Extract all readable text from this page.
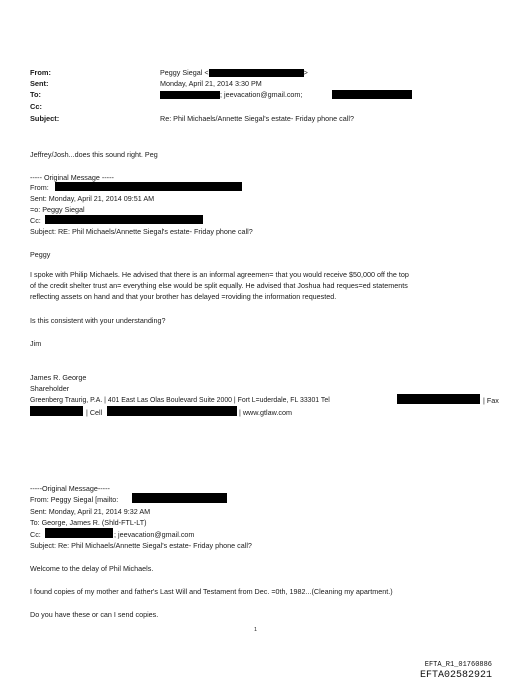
From:	Peggy Siegal <	>
Sent:	Monday, April 21, 2014 3:30 PM
To:	; jeevacation@gmail.com;
Cc:
Subject:	Re: Phil Michaels/Annette Siegal's estate- Friday phone call?
Jeffrey/Josh...does this sound right. Peg
----- Original Message -----
From:
Sent: Monday, April 21, 2014 09:51 AM
=o: Peggy Siegal
Cc:
Subject: RE: Phil Michaels/Annette Siegal's estate- Friday phone call?
Peggy
I spoke with Philip Michaels. He advised that there is an informal agreemen= that you would receive $50,000 off the top
of the credit shelter trust an= everything else would be split equally. He advised that Joshua had reques=ed statements
reflecting assets on hand and that your brother has delayed =roviding the information requested.
Is this consistent with your understanding?
Jim
James R. George
Shareholder
Greenberg Traurig, P.A. | 401 East Las Olas Boulevard Suite 2000 | Fort L=uderdale, FL 33301 Tel	| Fax
| Cell	| www.gtlaw.com
-----Original Message-----
From: Peggy Siegal [mailto:
Sent: Monday, April 21, 2014 9:32 AM
To: George, James R. (Shld-FTL-LT)
Cc:	; jeevacation@gmail.com
Subject: Re: Phil Michaels/Annette Siegal's estate- Friday phone call?
Welcome to the delay of Phil Michaels.
I found copies of my mother and father's Last Will and Testament from Dec. =0th, 1982...(Cleaning my apartment.)
Do you have these or can I send copies.
1
EFTA_R1_01760886
EFTA02582921
